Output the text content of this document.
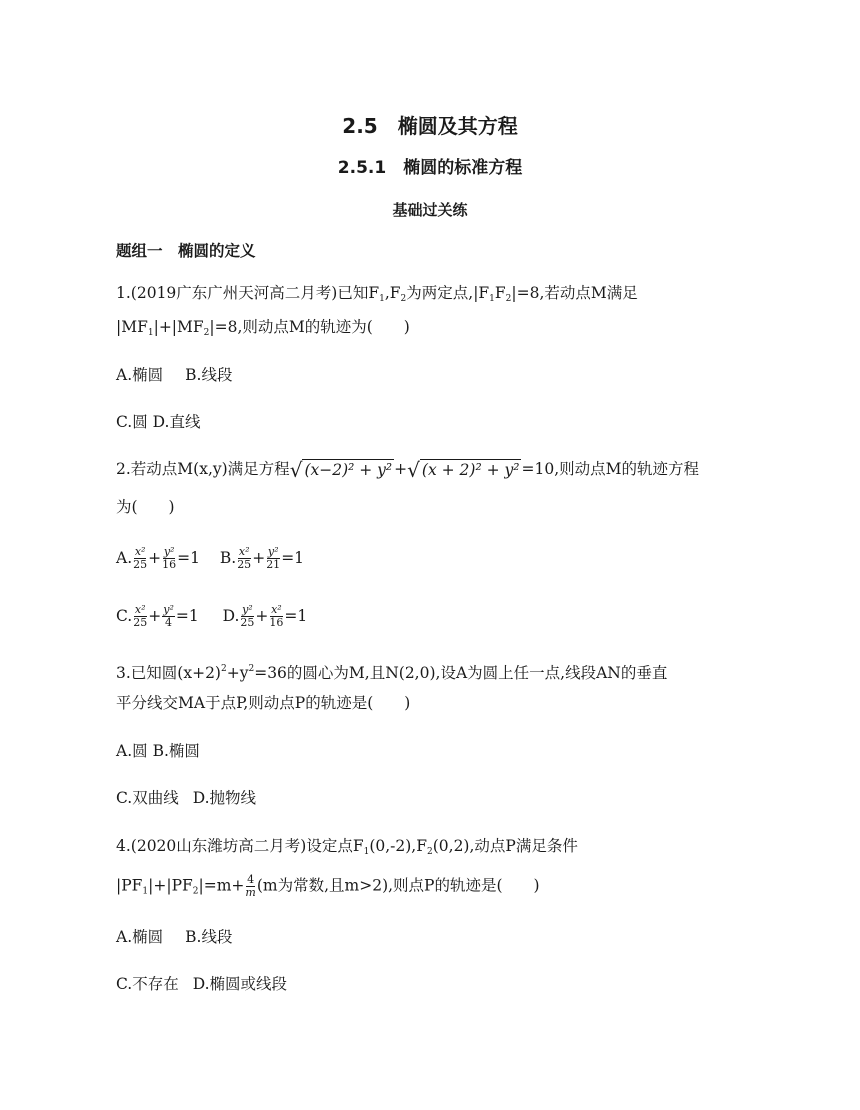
2.5　椭圆及其方程
2.5.1　椭圆的标准方程
基础过关练
题组一　椭圆的定义
1.(2019广东广州天河高二月考)已知$F_1,F_2$为两定点$,|F_1F_2|=8$,若动点M满足
$|MF_1|+|MF_2|=8$,则动点M的轨迹为(　　)
A.椭圆 B.线段
C.圆 D.直线
2.若动点M(x,y)满足方程 √ (x−2)² + y² + √ (x + 2)² + y² =10,则动点M的轨迹方程
为(　　)
A. $\frac{\text{x²}}{25} + \frac{\text{y²}}{16} =1$ B. $\frac{\text{x²}}{25} + \frac{\text{y²}}{21} =1$
C. $\frac{\text{x²}}{25} + \frac{\text{y²}}{4} =1$ D. $\frac{\text{y²}}{25} + \frac{\text{x²}}{16} =1$
3.已知圆$(x+2)^2+y^2=36$的圆心为M,且N(2,0),设A为圆上任一点,线段AN的垂直
平分线交MA于点P,则动点P的轨迹是(　　)
A.圆 B.椭圆
C.双曲线 D.抛物线
4.(2020山东潍坊高二月考)设定点$F_1(0,-2),F_2(0,2)$,动点P满足条件
$|PF_1|+|PF_2|=m+ \frac{4}{m} (m$为常数,且m>2),则点P的轨迹是(　　)
A.椭圆 B.线段
C.不存在 D.椭圆或线段
